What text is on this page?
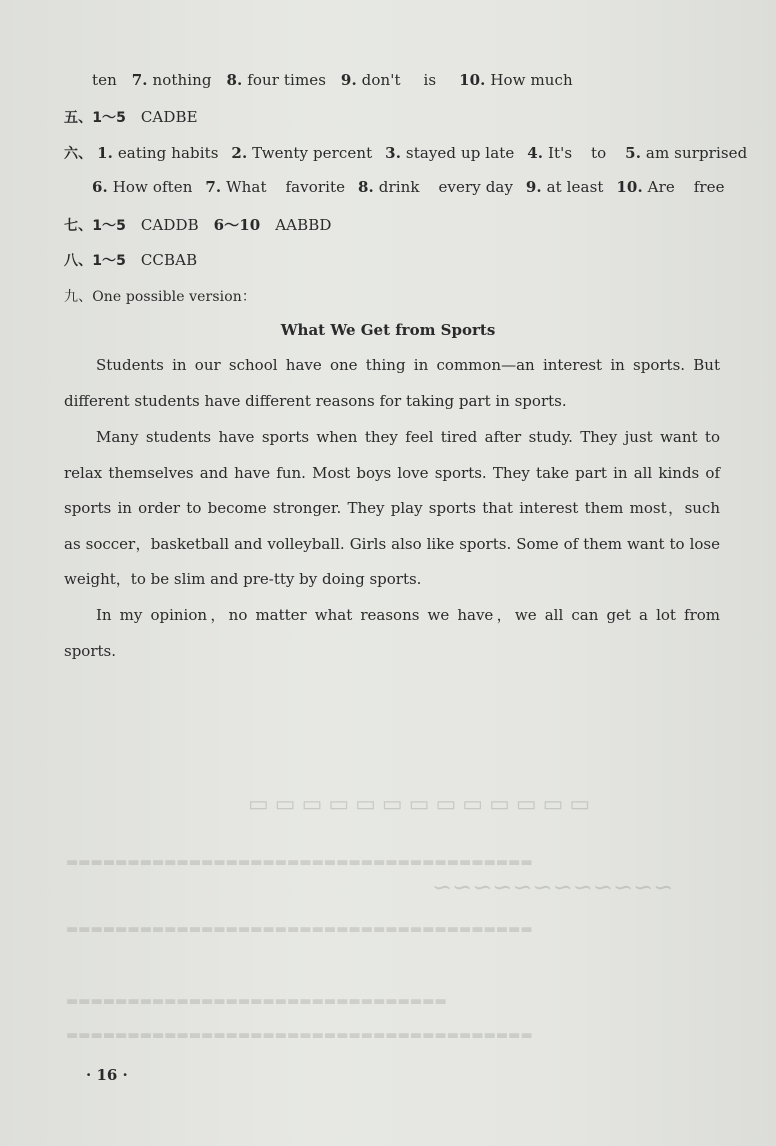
▭▭▭▭▭▭▭▭▭▭▭▭▭
∽∽∽∽∽∽∽∽∽∽∽∽
▬▬▬▬▬▬▬▬▬▬▬▬▬▬▬▬▬▬▬▬▬▬▬▬▬▬▬▬▬▬▬▬▬▬▬▬▬▬
▬▬▬▬▬▬▬▬▬▬▬▬▬▬▬▬▬▬▬▬▬▬▬▬▬▬▬▬▬▬▬▬▬▬▬▬▬▬
▬▬▬▬▬▬▬▬▬▬▬▬▬▬▬▬▬▬▬▬▬▬▬▬▬▬▬▬▬▬▬
▬▬▬▬▬▬▬▬▬▬▬▬▬▬▬▬▬▬▬▬▬▬▬▬▬▬▬▬▬▬▬▬▬▬▬▬▬▬
ten 7. nothing 8. four times 9. don't is 10. How much
五、1～5 CADBE
六、 1. eating habits 2. Twenty percent 3. stayed up late 4. It's to 5. am surprised
6. How often 7. What favorite 8. drink every day 9. at least 10. Are free
七、1～5 CADDB 6～10 AABBD
八、1～5 CCBAB
九、One possible version：
What We Get from Sports
Students in our school have one thing in common—an interest in sports. But different students have different reasons for taking part in sports.
Many students have sports when they feel tired after study. They just want to relax themselves and have fun. Most boys love sports. They take part in all kinds of sports in order to become stronger. They play sports that interest them most，such as soccer，basketball and volleyball. Girls also like sports. Some of them want to lose weight，to be slim and pre-tty by doing sports.
In my opinion，no matter what reasons we have，we all can get a lot from sports.
· 16 ·
